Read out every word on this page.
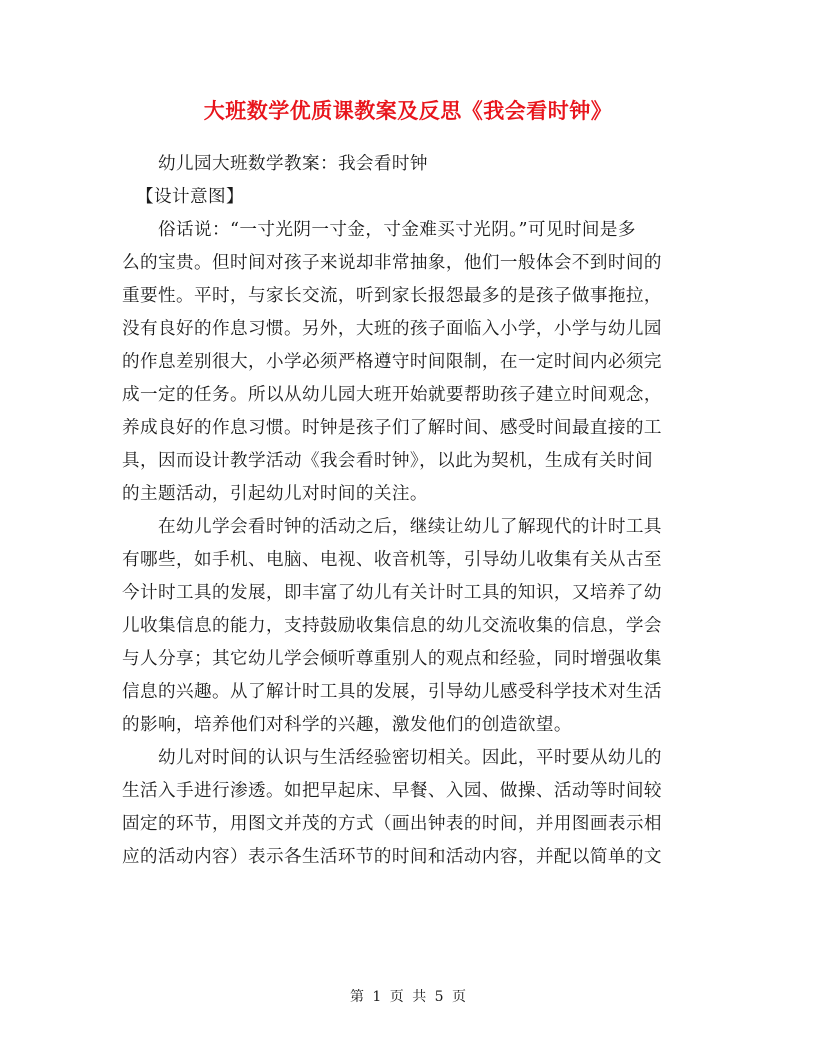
大班数学优质课教案及反思《我会看时钟》

幼儿园大班数学教案：我会看时钟

【设计意图】

俗话说：“一寸光阴一寸金，寸金难买寸光阴。”可见时间是多

么的宝贵。但时间对孩子来说却非常抽象，他们一般体会不到时间的

重要性。平时，与家长交流，听到家长报怨最多的是孩子做事拖拉，

没有良好的作息习惯。另外，大班的孩子面临入小学，小学与幼儿园

的作息差别很大，小学必须严格遵守时间限制，在一定时间内必须完

成一定的任务。所以从幼儿园大班开始就要帮助孩子建立时间观念，

养成良好的作息习惯。时钟是孩子们了解时间、感受时间最直接的工

具，因而设计教学活动《我会看时钟》，以此为契机，生成有关时间

的主题活动，引起幼儿对时间的关注。

在幼儿学会看时钟的活动之后，继续让幼儿了解现代的计时工具

有哪些，如手机、电脑、电视、收音机等，引导幼儿收集有关从古至

今计时工具的发展，即丰富了幼儿有关计时工具的知识，又培养了幼

儿收集信息的能力，支持鼓励收集信息的幼儿交流收集的信息，学会

与人分享；其它幼儿学会倾听尊重别人的观点和经验，同时增强收集

信息的兴趣。从了解计时工具的发展，引导幼儿感受科学技术对生活

的影响，培养他们对科学的兴趣，激发他们的创造欲望。

幼儿对时间的认识与生活经验密切相关。因此，平时要从幼儿的

生活入手进行渗透。如把早起床、早餐、入园、做操、活动等时间较

固定的环节，用图文并茂的方式（画出钟表的时间，并用图画表示相

应的活动内容）表示各生活环节的时间和活动内容，并配以简单的文

第 1 页 共 5 页
